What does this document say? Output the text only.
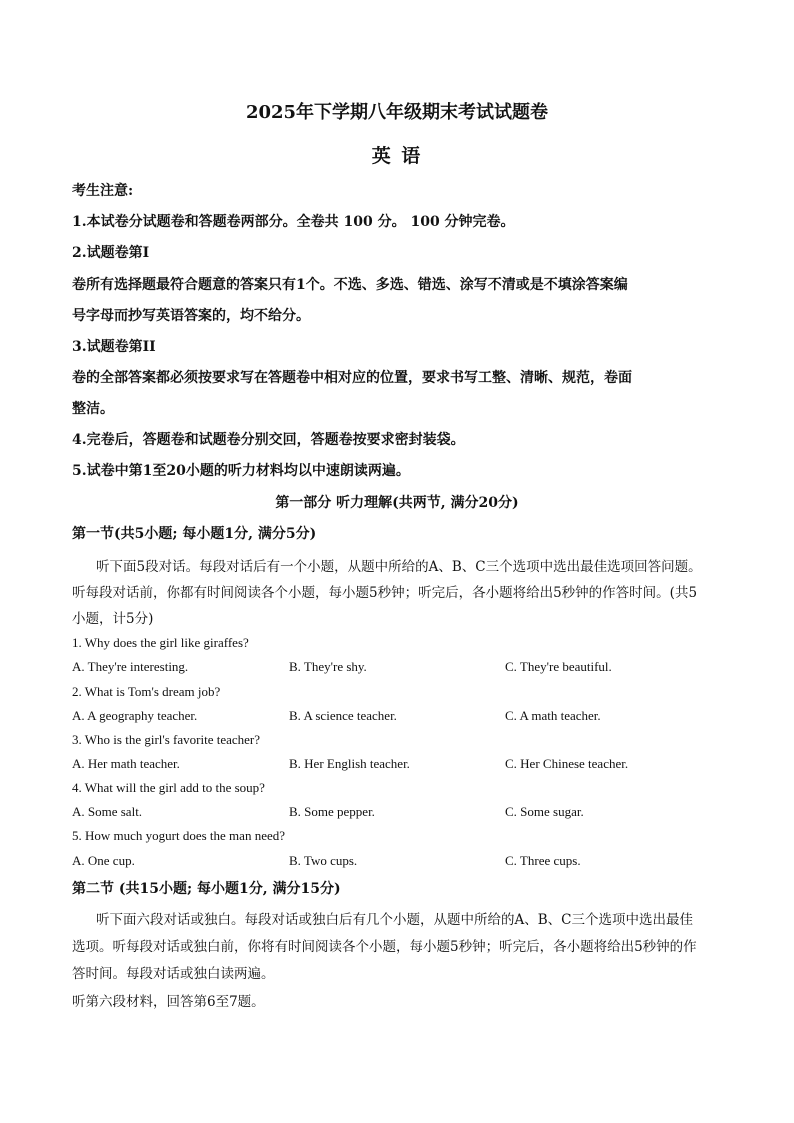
2025年下学期八年级期末考试试题卷
英 语
考生注意:
1.本试卷分试题卷和答题卷两部分。全卷共 100 分。 100 分钟完卷。
2.试题卷第Ⅰ
卷所有选择题最符合题意的答案只有1个。不选、多选、错选、涂写不清或是不填涂答案编
号字母而抄写英语答案的，均不给分。
3.试题卷第II
卷的全部答案都必须按要求写在答题卷中相对应的位置，要求书写工整、清晰、规范，卷面
整洁。
4.完卷后，答题卷和试题卷分别交回，答题卷按要求密封装袋。
5.试卷中第1至20小题的听力材料均以中速朗读两遍。
第一部分 听力理解(共两节, 满分20分)
第一节(共5小题; 每小题1分, 满分5分)
听下面5段对话。每段对话后有一个小题，从题中所给的A、B、C三个选项中选出最佳选项回答问题。
听每段对话前，你都有时间阅读各个小题，每小题5秒钟；听完后，各小题将给出5秒钟的作答时间。(共5
小题，计5分)
1. Why does the girl like giraffes?
A. They're interesting.	B. They're shy.	C. They're beautiful.
2. What is Tom's dream job?
A. A geography teacher.	B. A science teacher.	C. A math teacher.
3. Who is the girl's favorite teacher?
A. Her math teacher.	B. Her English teacher.	C. Her Chinese teacher.
4. What will the girl add to the soup?
A. Some salt.	B. Some pepper.	C. Some sugar.
5. How much yogurt does the man need?
A. One cup.	B. Two cups.	C. Three cups.
第二节 (共15小题; 每小题1分, 满分15分)
听下面六段对话或独白。每段对话或独白后有几个小题，从题中所给的A、B、C三个选项中选出最佳
选项。听每段对话或独白前，你将有时间阅读各个小题，每小题5秒钟；听完后，各小题将给出5秒钟的作
答时间。每段对话或独白读两遍。
听第六段材料，回答第6至7题。
